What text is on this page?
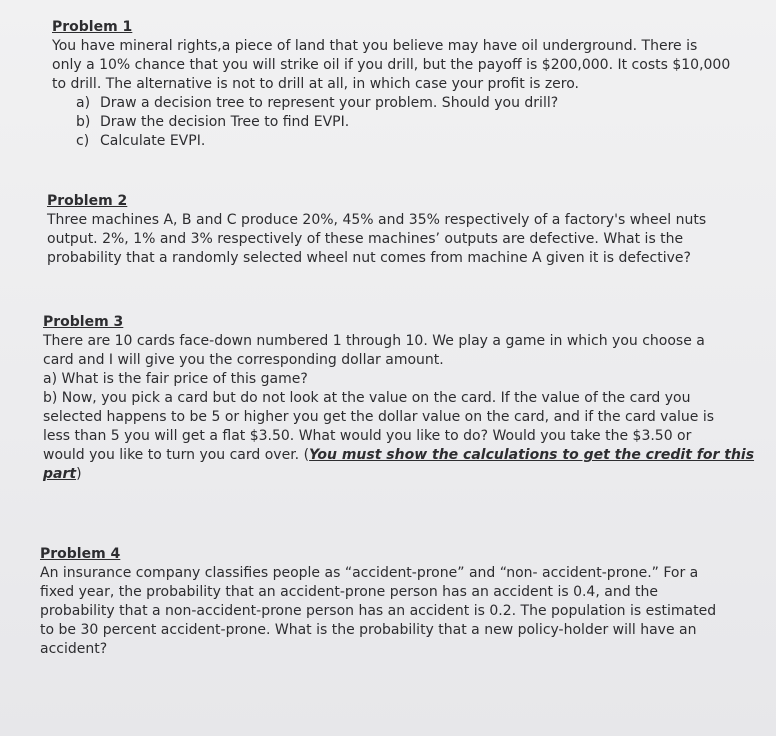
Problem 1
You have mineral rights,a piece of land that you believe may have oil underground. There is
only a 10% chance that you will strike oil if you drill, but the payoff is $200,000. It costs $10,000
to drill. The alternative is not to drill at all, in which case your profit is zero.
a) Draw a decision tree to represent your problem. Should you drill?
b) Draw the decision Tree to find EVPI.
c) Calculate EVPI.
Problem 2
Three machines A, B and C produce 20%, 45% and 35% respectively of a factory's wheel nuts
output. 2%, 1% and 3% respectively of these machines’ outputs are defective. What is the
probability that a randomly selected wheel nut comes from machine A given it is defective?
Problem 3
There are 10 cards face-down numbered 1 through 10. We play a game in which you choose a
card and I will give you the corresponding dollar amount.
a) What is the fair price of this game?
b) Now, you pick a card but do not look at the value on the card. If the value of the card you
selected happens to be 5 or higher you get the dollar value on the card, and if the card value is
less than 5 you will get a flat $3.50. What would you like to do? Would you take the $3.50 or
would you like to turn you card over. (You must show the calculations to get the credit for this
part)
Problem 4
An insurance company classifies people as “accident-prone” and “non- accident-prone.” For a
fixed year, the probability that an accident-prone person has an accident is 0.4, and the
probability that a non-accident-prone person has an accident is 0.2. The population is estimated
to be 30 percent accident-prone. What is the probability that a new policy-holder will have an
accident?
